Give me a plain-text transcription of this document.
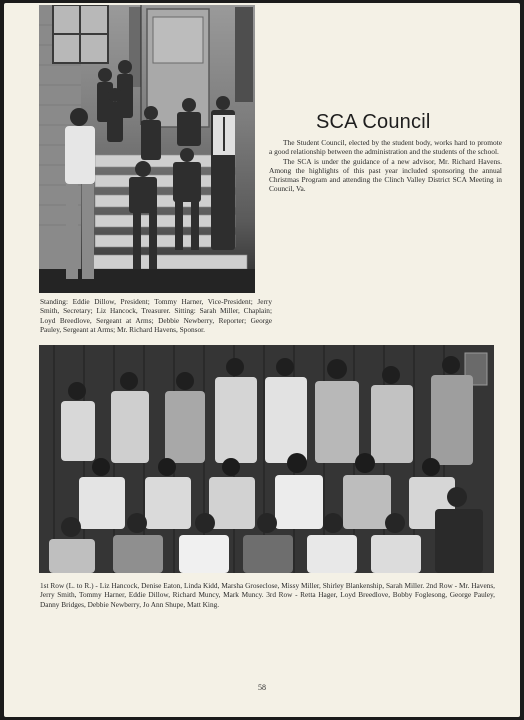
SCA Council

The Student Council, elected by the student body, works hard to promote a good relationship between the administration and the students of the school.

The SCA is under the guidance of a new advisor, Mr. Richard Havens. Among the highlights of this past year included sponsoring the annual Christmas Program and attending the Clinch Valley District SCA Meeting in Council, Va.

Standing: Eddie Dillow, President; Tommy Harner, Vice-President; Jerry Smith, Secretary; Liz Hancock, Treasurer. Sitting: Sarah Miller, Chaplain; Loyd Breedlove, Sergeant at Arms; Debbie Newberry, Reporter; George Pauley, Sergeant at Arms; Mr. Richard Havens, Sponsor.
1st Row (L. to R.) - Liz Hancock, Denise Eaton, Linda Kidd, Marsha Groseclose, Missy Miller, Shirley Blankenship, Sarah Miller. 2nd Row - Mr. Havens, Jerry Smith, Tommy Harner, Eddie Dillow, Richard Muncy, Mark Muncy. 3rd Row - Retta Hager, Loyd Breedlove, Bobby Foglesong, George Pauley, Danny Bridges, Debbie Newberry, Jo Ann Shupe, Matt King.
58
